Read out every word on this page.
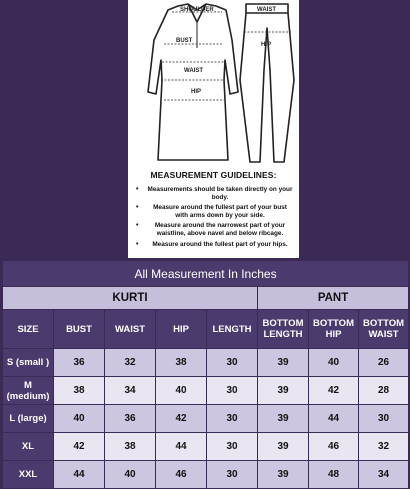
SHOULDER
BUST
WAIST
HIP
WAIST
HIP
MEASUREMENT GUIDELINES:
• Measurements should be taken directly on your body.
• Measure around the fullest part of your bust with arms down by your side.
•	Measure around the narrowest part of your waistline, above navel and below ribcage.
• Measure around the fullest part of your hips.
All Measurement In Inches							
KURTI					PANT		
SIZE	BUST	WAIST	HIP	LENGTH	BOTTOM LENGTH	BOTTOM HIP	BOTTOM WAIST
S (small )	36	32	38	30	39	40	26
M (medium)	38	34	40	30	39	42	28
L (large)	40	36	42	30	39	44	30
XL	42	38	44	30	39	46	32
XXL	44	40	46	30	39	48	34
